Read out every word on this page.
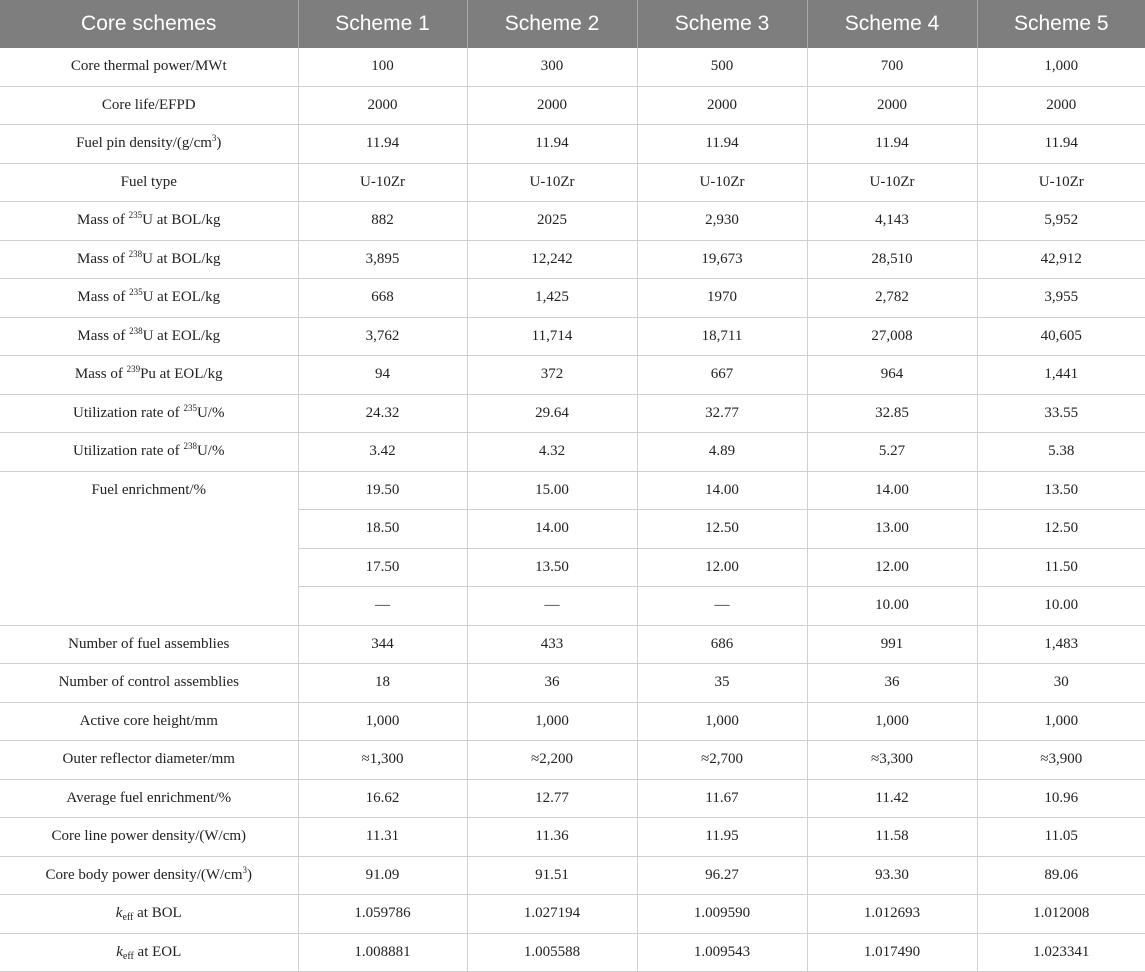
Core schemes	Scheme 1	Scheme 2	Scheme 3	Scheme 4	Scheme 5
Core thermal power/MWt	100	300	500	700	1,000
Core life/EFPD	2000	2000	2000	2000	2000
Fuel pin density/$(g/cm^3)$	11.94	11.94	11.94	11.94	11.94
Fuel type	U-10Zr	U-10Zr	U-10Zr	U-10Zr	U-10Zr
Mass of $^{235}$U at BOL/kg	882	2025	2,930	4,143	5,952
Mass of $^{238}$U at BOL/kg	3,895	12,242	19,673	28,510	42,912
Mass of $^{235}$U at EOL/kg	668	1,425	1970	2,782	3,955
Mass of $^{238}$U at EOL/kg	3,762	11,714	18,711	27,008	40,605
Mass of $^{239}$Pu at EOL/kg	94	372	667	964	1,441
Utilization rate of $^{235}$U/%	24.32	29.64	32.77	32.85	33.55
Utilization rate of $^{238}$U/%	3.42	4.32	4.89	5.27	5.38
Fuel enrichment/%	19.50	15.00	14.00	14.00	13.50
	18.50	14.00	12.50	13.00	12.50
	17.50	13.50	12.00	12.00	11.50
	—	—	—	10.00	10.00
Number of fuel assemblies	344	433	686	991	1,483
Number of control assemblies	18	36	35	36	30
Active core height/mm	1,000	1,000	1,000	1,000	1,000
Outer reflector diameter/mm	≈1,300	≈2,200	≈2,700	≈3,300	≈3,900
Average fuel enrichment/%	16.62	12.77	11.67	11.42	10.96
Core line power density/(W/cm)	11.31	11.36	11.95	11.58	11.05
Core body power density/$(W/cm^3)$	91.09	91.51	96.27	93.30	89.06
$k_{eff}$ at BOL	1.059786	1.027194	1.009590	1.012693	1.012008
$k_{eff}$ at EOL	1.008881	1.005588	1.009543	1.017490	1.023341
